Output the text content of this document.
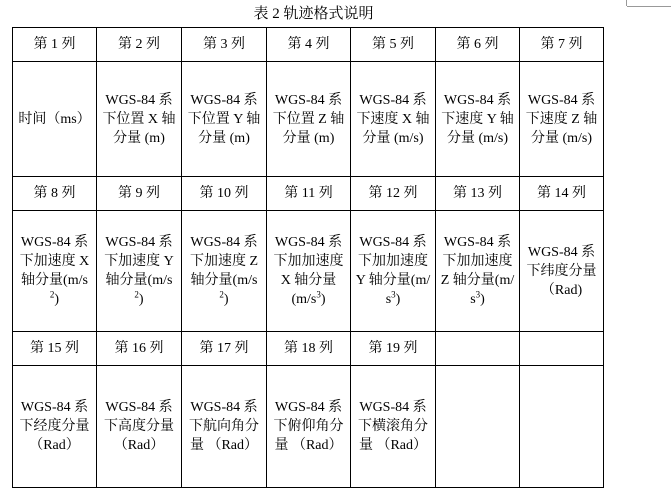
表 2 轨迹格式说明
第 1 列	第 2 列	第 3 列	第 4 列	第 5 列	第 6 列	第 7 列
时间（ms）	WGS-84 系下位置 X 轴分量 (m)	WGS-84 系下位置 Y 轴分量 (m)	WGS-84 系下位置 Z 轴分量 (m)	WGS-84 系下速度 X 轴分量 (m/s)	WGS-84 系下速度 Y 轴分量 (m/s)	WGS-84 系下速度 Z 轴分量 (m/s)
第 8 列	第 9 列	第 10 列	第 11 列	第 12 列	第 13 列	第 14 列
WGS-84 系下加速度 X 轴分量$(m/s^2)$	WGS-84 系下加速度 Y 轴分量$(m/s^2)$	WGS-84 系下加速度 Z 轴分量$(m/s^2)$	WGS-84 系下加加速度 X 轴分量$(m/s^3)$	WGS-84 系下加加速度 Y 轴分量$(m/s^3)$	WGS-84 系下加加速度 Z 轴分量$(m/s^3)$	WGS-84 系下纬度分量（Rad)
第 15 列	第 16 列	第 17 列	第 18 列	第 19 列		
WGS-84 系下经度分量 （Rad）	WGS-84 系下高度分量（Rad）	WGS-84 系下航向角分量 （Rad）	WGS-84 系下俯仰角分量 （Rad）	WGS-84 系下横滚角分量 （Rad）		
